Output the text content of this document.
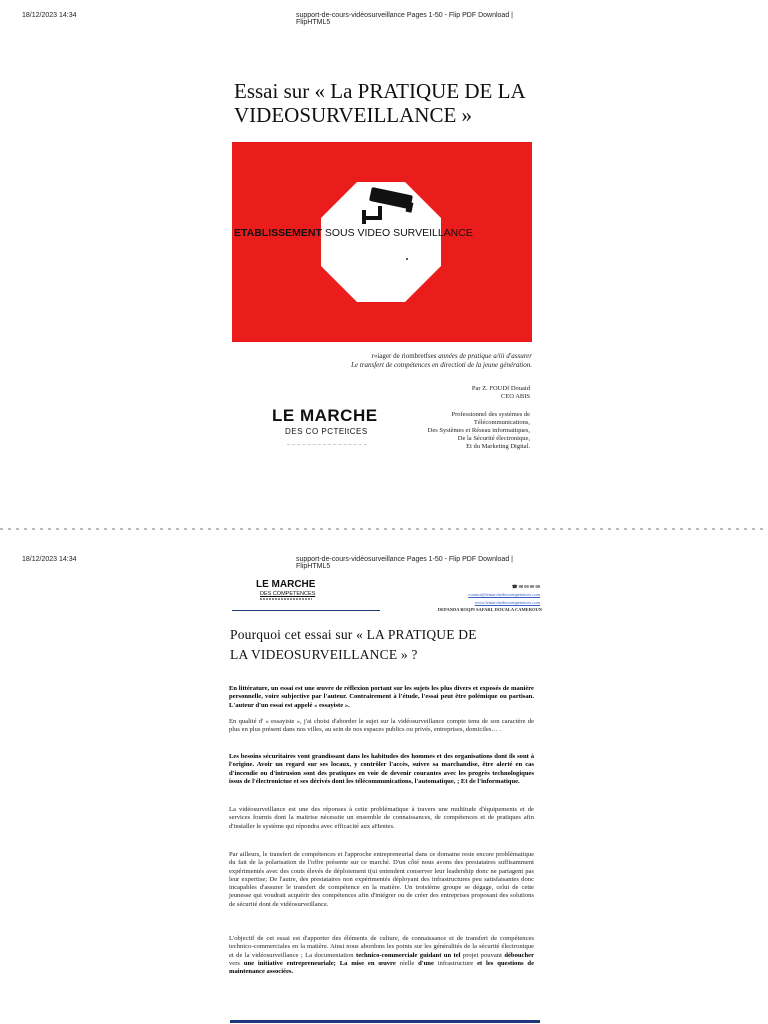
18/12/2023 14:34	support-de-cours-vidéosurveillance Pages 1-50 - Flip PDF Download |
FlipHTML5
Essai sur « La PRATIQUE DE LA
VIDEOSURVEILLANCE »
ETABLISSEMENT SOUS VIDEO SURVEILLANCE
r«iager de riombretfses années de pratique a/iii d'assurer
Le transfert de cotnpétences en directioti de la jeune génération.
Par Z. FOUDf Douaid
CEO ABIS
LE MARCHE
DES CO PCTEltCES
Professionnel des systèmes de
Télécommunications,
Des Systèmes et Réseau informatiques,
De la Sécurité électronique,
Et du Marketing Digital.
18/12/2023 14:34	support-de-cours-vidéosurveillance Pages 1-50 - Flip PDF Download |
FlipHTML5
LE MARCHE
DES COMPETENCES
☎ 00 00 00 00
contact@lemarchedescompetences.com
www.lemarchedescompetences.com
DEPANDA BOQPI SAFARI, DOUALA CAMEROUN
Pourquoi cet essai sur « LA PRATIQUE DE
LA VIDEOSURVEILLANCE » ?
En littérature, un essai est une œuvre de réflexion portant sur les sujets les plus divers et exposés de manière personnelle, voire subjective par l'auteur. Contrairement à l'étude, l'essai peut être polémique ou partisan. L'auteur d'un essai est appelé « essayiste ».
En qualité d' « essayiste », j'ai choisi d'aborder le sujet sur la vidéosurveillance compte tenu de son caractère de plus en plus présent dans nos villes, au sein de nos espaces publics ou privés, entreprises, domiciles… .
Les besoins sécuritaires vont grandissant dans les habitudes des hommes et des organisations dont ils sont à l'origine. Avoir un regard sur ses locaux, y contrôler l'accès, suivre sa marchandise, être alerté en cas d'incendie ou d'intrusion sont des pratiques en voie de devenir courantes avec les progrès technologiques issus de l'électronictue et ses dérivés dont les télécommunications, l'automatique, ; Et de l'informatique.
La vidéosurveillance est une des réponses à cette problématique à travers une multitude d'équipements et de services fournis dont la maitrise nécessite un ensemble de connaissances, de compétences et de pratiques afin d'installer le système qui répondra avec efficacité aux aHentes.
Par ailleurs, le transfert de compétences et l'approche entrepreneurial dans ce domaine reste encore problématique du fait de la polarisation de l'offre présente sur ce marché. D'un côté nous avons des prestataires suffisamment expérimentés avec des couts élevés de déploiement t(ui entendent conserver leur leadership donc ne partagent pas leur expertise; De l'autre, des prestataires non expérimentés déployant des infrastructures peu satisfaisantes donc incapables d'assurer le transfert de compétence en la matière. Un troisième groupe se dégage, celui de cette jeunesse qui voudrait acquérir des compétences afin d'intégrer ou de créer des entreprises proposant des solutions de sécurité dont de vidéosurveillance.
L'objectif de cet essai est d'apporter des éléments de culture, de connaissance et de transfert de compétences technico-commerciales en la matière. Ainsi nous abordons les points sur les généralités de la sécurité électronique et de la vidéosurveillance ; La documentation technico-commerciale guidant un tel projet pouvant déboucher vers une initiative entrepreneuriale; La mise en œuvre réelle d'une infrastructure et les questions de maintenance associées.
